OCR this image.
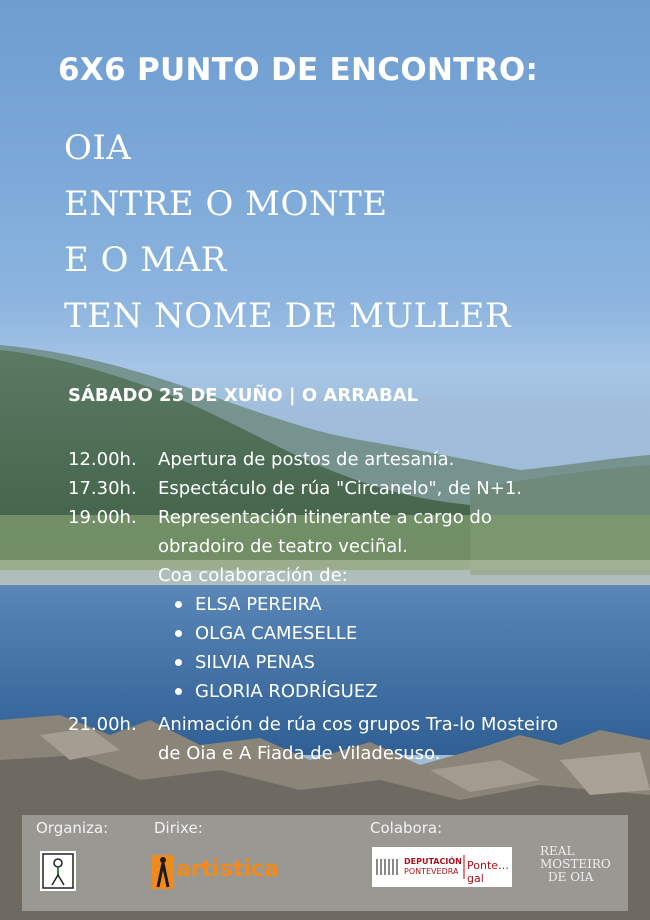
6X6 PUNTO DE ENCONTRO:
OIA
ENTRE O MONTE
E O MAR
TEN NOME DE MULLER
SÁBADO 25 DE XUÑO | O ARRABAL
12.00h.	Apertura de postos de artesanía.
17.30h.	Espectáculo de rúa "Circanelo", de N+1.
19.00h.	Representación itinerante a cargo do
obradoiro de teatro veciñal.
Coa colaboración de:
ELSA PEREIRA
OLGA CAMESELLE
SILVIA PENAS
GLORIA RODRÍGUEZ
21.00h.	Animación de rúa cos grupos Tra-lo Mosteiro
de Oia e A Fiada de Viladesuso.
Organiza:	Dirixe:	Colabora:
artistica	DEPUTACIÓN
PONTEVEDRA Ponte…gal
REAL
MOSTEIRO
DE OIA
